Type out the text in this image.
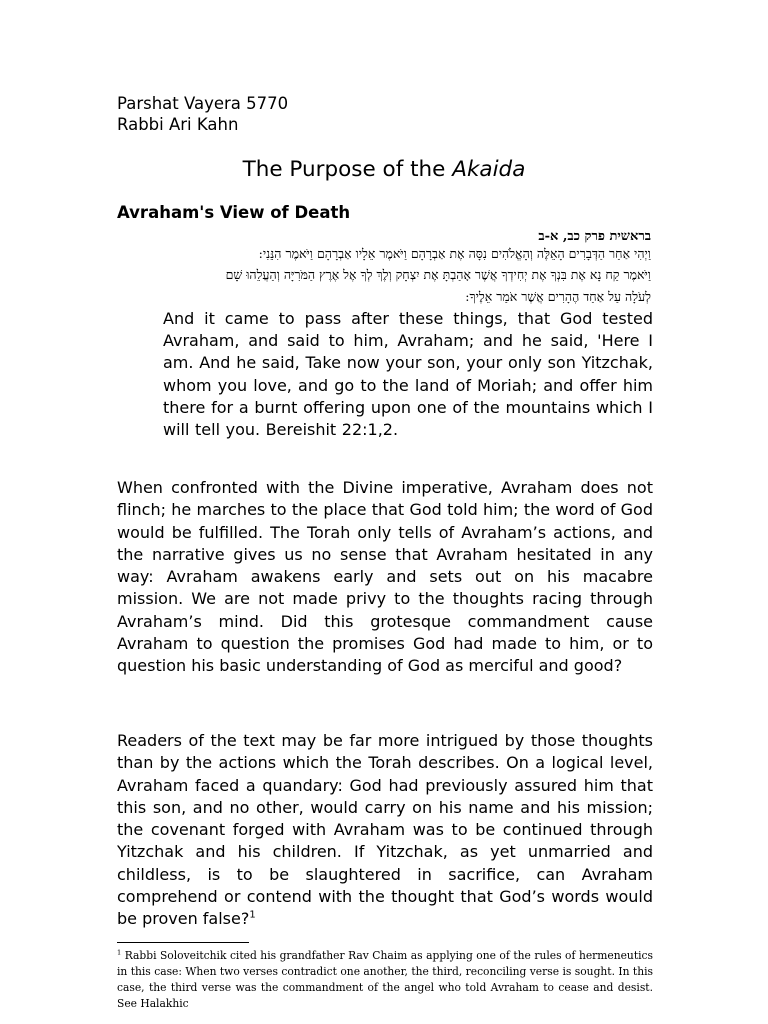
Parshat Vayera 5770
Rabbi Ari Kahn
The Purpose of the Akaida
Avraham's View of Death
בראשית פרק כב, א-ב
וַיְהִי אַחַר הַדְּבָרִים הָאֵלֶּה וְהָאֱלֹהִים נִסָּה אֶת אַבְרָהָם וַיֹּאמֶר אֵלָיו אַבְרָהָם וַיֹּאמֶר הִנֵּנִי:
וַיֹּאמֶר קַח נָא אֶת בִּנְךָ אֶת יְחִידְךָ אֲשֶׁר אָהַבְתָּ אֶת יִצְחָק וְלֶךְ לְךָ אֶל אֶרֶץ הַמֹּרִיָּה וְהַעֲלֵהוּ שָׁם
לְעֹלָה עַל אַחַד הֶהָרִים אֲשֶׁר אֹמַר אֵלֶיךָ:
And it came to pass after these things, that God tested Avraham, and said to him, Avraham; and he said, 'Here I am. And he said, Take now your son, your only son Yitzchak, whom you love, and go to the land of Moriah; and offer him there for a burnt offering upon one of the mountains which I will tell you. Bereishit 22:1,2.
When confronted with the Divine imperative, Avraham does not flinch; he marches to the place that God told him; the word of God would be fulfilled. The Torah only tells of Avraham’s actions, and the narrative gives us no sense that Avraham hesitated in any way: Avraham awakens early and sets out on his macabre mission. We are not made privy to the thoughts racing through Avraham’s mind. Did this grotesque commandment cause Avraham to question the promises God had made to him, or to question his basic understanding of God as merciful and good?
Readers of the text may be far more intrigued by those thoughts than by the actions which the Torah describes. On a logical level, Avraham faced a quandary: God had previously assured him that this son, and no other, would carry on his name and his mission; the covenant forged with Avraham was to be continued through Yitzchak and his children. If Yitzchak, as yet unmarried and childless, is to be slaughtered in sacrifice, can Avraham comprehend or contend with the thought that God’s words would be proven false?$^1$
$^1$ Rabbi Soloveitchik cited his grandfather Rav Chaim as applying one of the rules of hermeneutics in this case: When two verses contradict one another, the third, reconciling verse is sought. In this case, the third verse was the commandment of the angel who told Avraham to cease and desist. See Halakhic
